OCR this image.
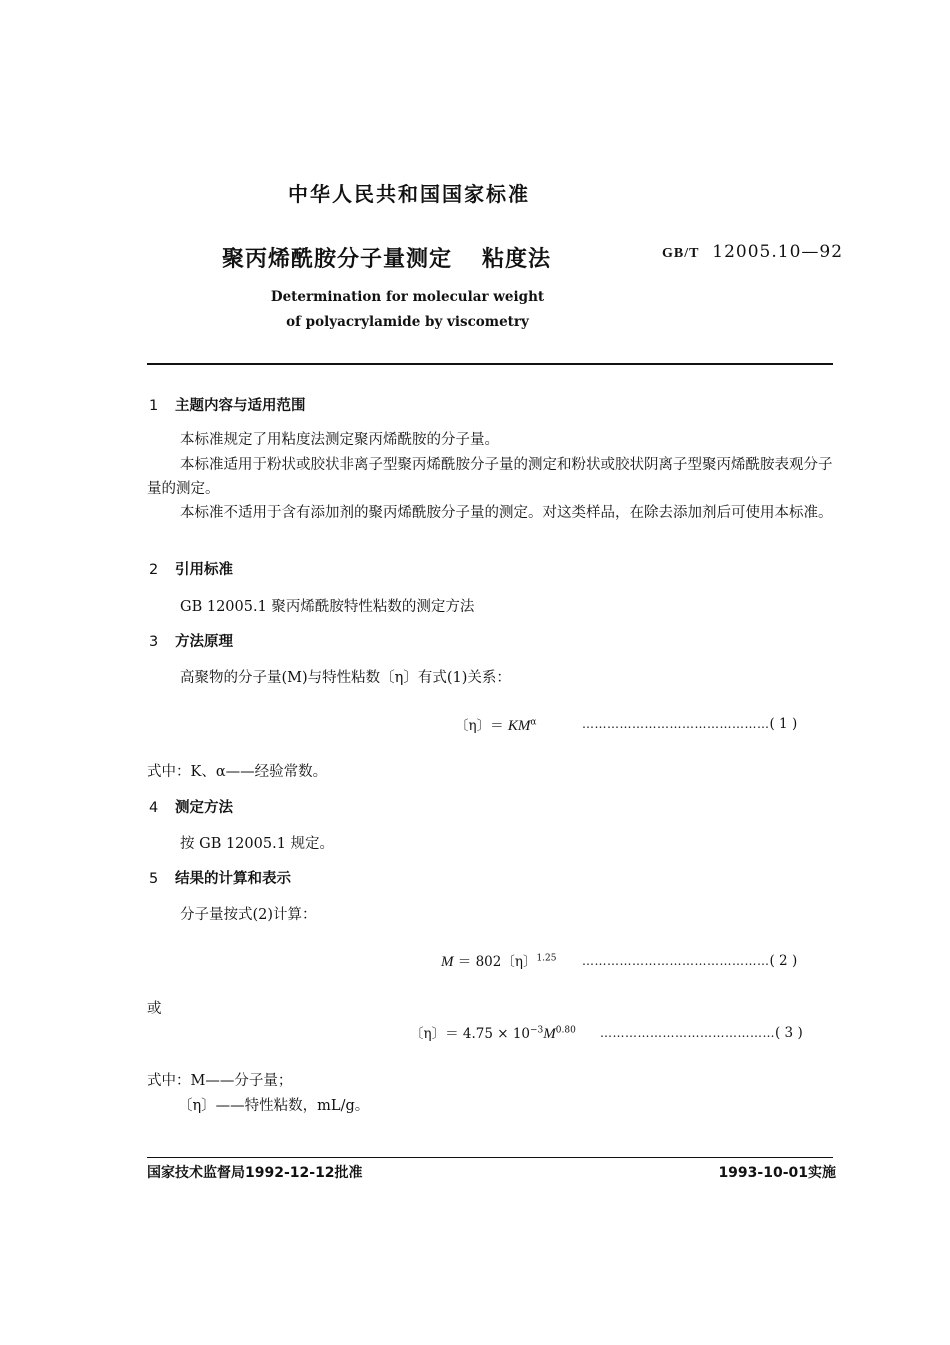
中华人民共和国国家标准
聚丙烯酰胺分子量测定 粘度法	GB/T 12005.10—92
Determination for molecular weight
of polyacrylamide by viscometry
1 主题内容与适用范围
本标准规定了用粘度法测定聚丙烯酰胺的分子量。
本标准适用于粉状或胶状非离子型聚丙烯酰胺分子量的测定和粉状或胶状阴离子型聚丙烯酰胺表观分子量的测定。
本标准不适用于含有添加剂的聚丙烯酰胺分子量的测定。对这类样品，在除去添加剂后可使用本标准。
2 引用标准
GB 12005.1 聚丙烯酰胺特性粘数的测定方法
3 方法原理
高聚物的分子量(M)与特性粘数〔η〕有式(1)关系：
〔η〕＝ $KM^\alpha$	………………………………………( 1 )
式中：K、α——经验常数。
4 测定方法
按 GB 12005.1 规定。
5 结果的计算和表示
分子量按式(2)计算：
M ＝ 802〔η〕$^{1.25}$ ………………………………………( 2 )
或
〔η〕＝ $4.75 \times 10^{-3}M^{0.80}$ ……………………………………( 3 )
式中：M——分子量；
〔η〕——特性粘数，mL/g。
国家技术监督局1992-12-12批准	1993-10-01实施
